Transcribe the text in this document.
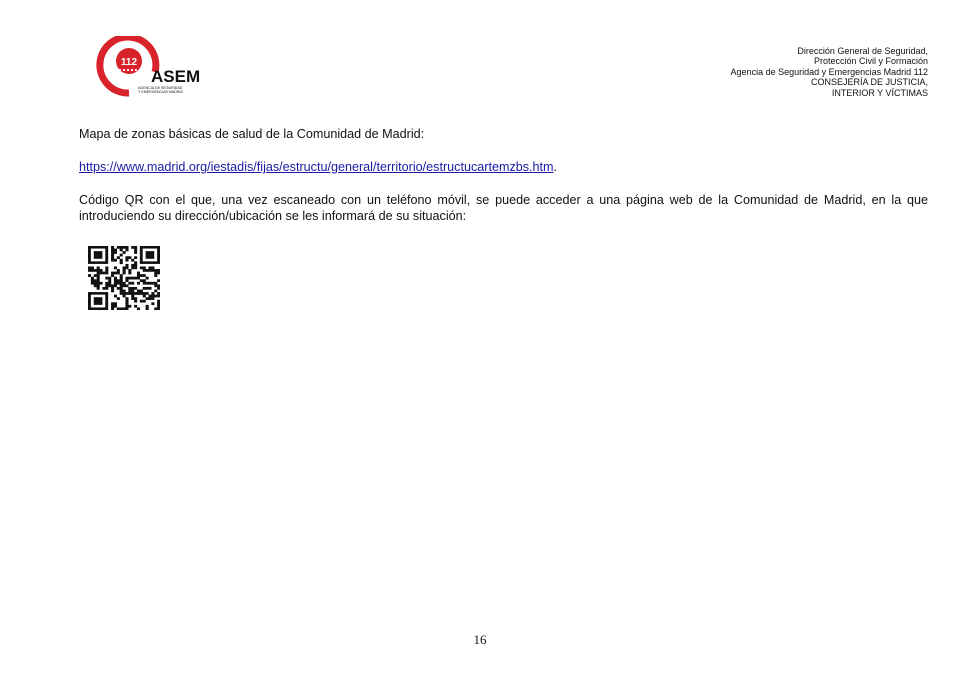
112
ASEM
AGENCIA DE SEGURIDAD
Y EMERGENCIAS MADRID
Dirección General de Seguridad,
Protección Civil y Formación
Agencia de Seguridad y Emergencias Madrid 112
CONSEJERÍA DE JUSTICIA,
INTERIOR Y VÍCTIMAS

Mapa de zonas básicas de salud de la Comunidad de Madrid:

https://www.madrid.org/iestadis/fijas/estructu/general/territorio/estructucartemzbs.htm.

Código QR con el que, una vez escaneado con un teléfono móvil, se puede acceder a una página web de la Comunidad de Madrid, en la que introduciendo su dirección/ubicación se les informará de su situación:

16
